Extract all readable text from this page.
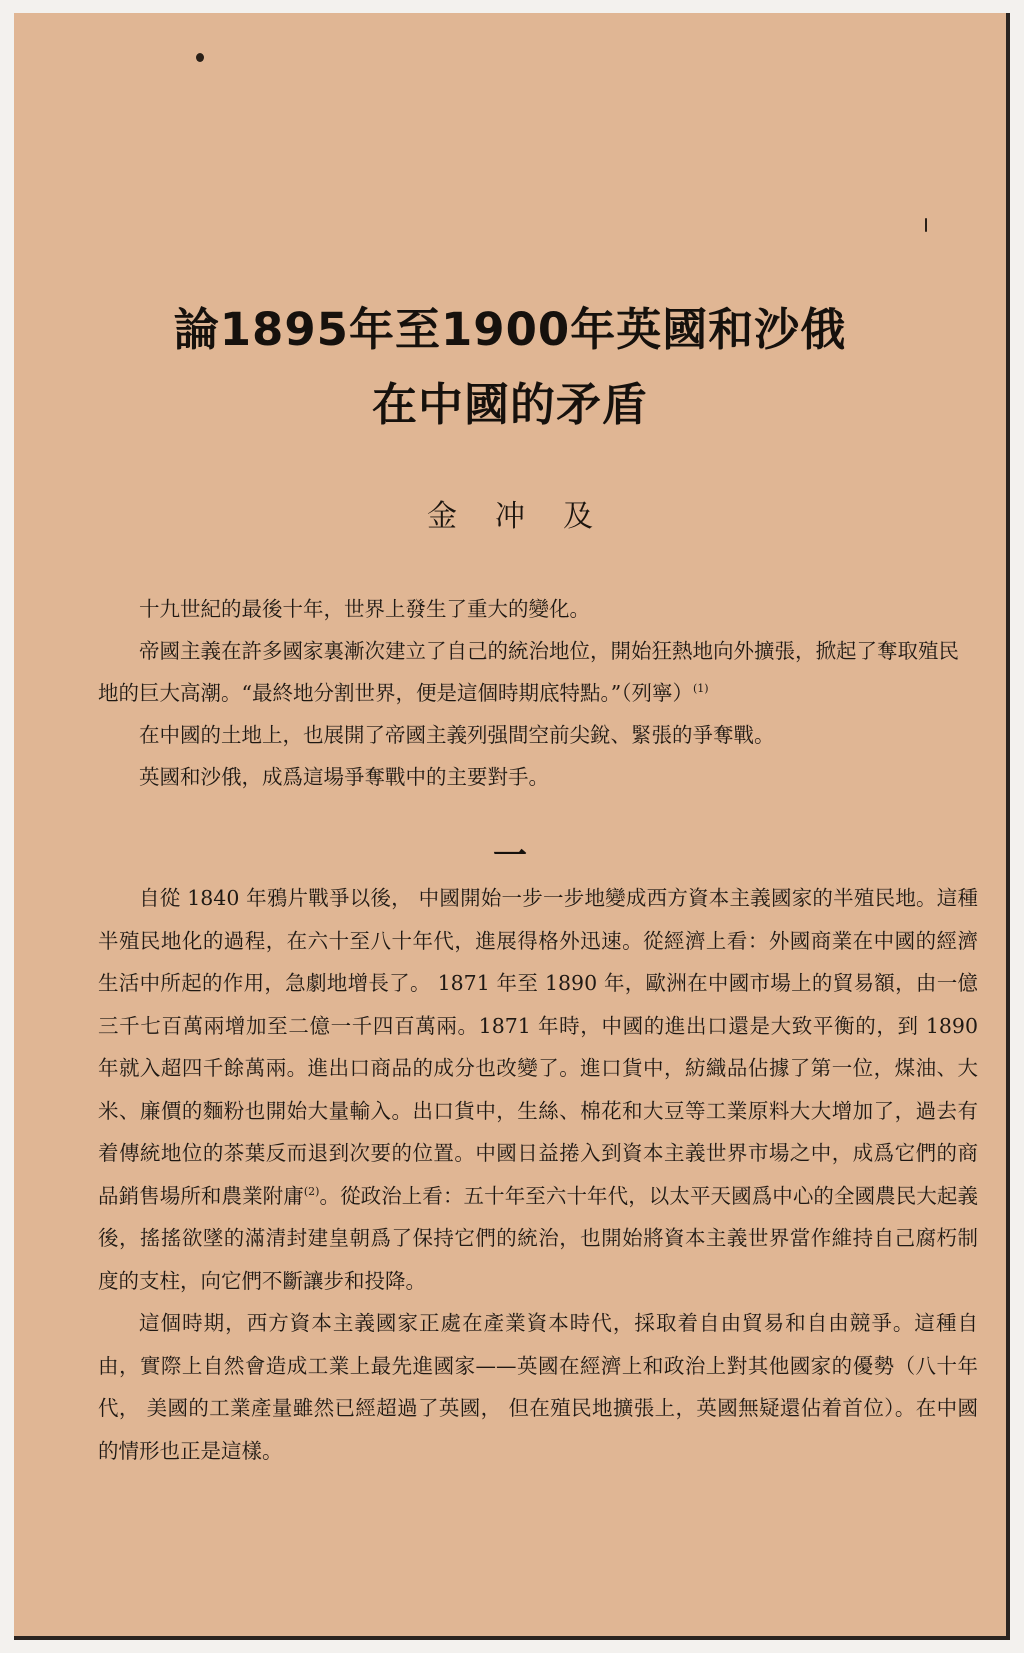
論1895年至1900年英國和沙俄
在中國的矛盾
金冲及

十九世紀的最後十年，世界上發生了重大的變化。

帝國主義在許多國家裏漸次建立了自己的統治地位，開始狂熱地向外擴張，掀起了奪取殖民地的巨大高潮。“最終地分割世界，便是這個時期底特點。”（列寧）$^{(1)}$

在中國的土地上，也展開了帝國主義列强間空前尖銳、緊張的爭奪戰。

英國和沙俄，成爲這場爭奪戰中的主要對手。

一

自從 1840 年鴉片戰爭以後， 中國開始一步一步地變成西方資本主義國家的半殖民地。這種半殖民地化的過程，在六十至八十年代，進展得格外迅速。從經濟上看：外國商業在中國的經濟生活中所起的作用，急劇地增長了。 1871 年至 1890 年，歐洲在中國市場上的貿易額，由一億三千七百萬兩增加至二億一千四百萬兩。1871 年時，中國的進出口還是大致平衡的，到 1890 年就入超四千餘萬兩。進出口商品的成分也改變了。進口貨中，紡織品佔據了第一位，煤油、大米、廉價的麵粉也開始大量輸入。出口貨中，生絲、棉花和大豆等工業原料大大增加了，過去有着傳統地位的茶葉反而退到次要的位置。中國日益捲入到資本主義世界市場之中，成爲它們的商品銷售場所和農業附庸$^{(2)}$。從政治上看：五十年至六十年代，以太平天國爲中心的全國農民大起義後，搖搖欲墜的滿清封建皇朝爲了保持它們的統治，也開始將資本主義世界當作維持自己腐朽制度的支柱，向它們不斷讓步和投降。

這個時期，西方資本主義國家正處在產業資本時代，採取着自由貿易和自由競爭。這種自由，實際上自然會造成工業上最先進國家——英國在經濟上和政治上對其他國家的優勢（八十年代， 美國的工業產量雖然已經超過了英國， 但在殖民地擴張上，英國無疑還佔着首位）。在中國的情形也正是這樣。
